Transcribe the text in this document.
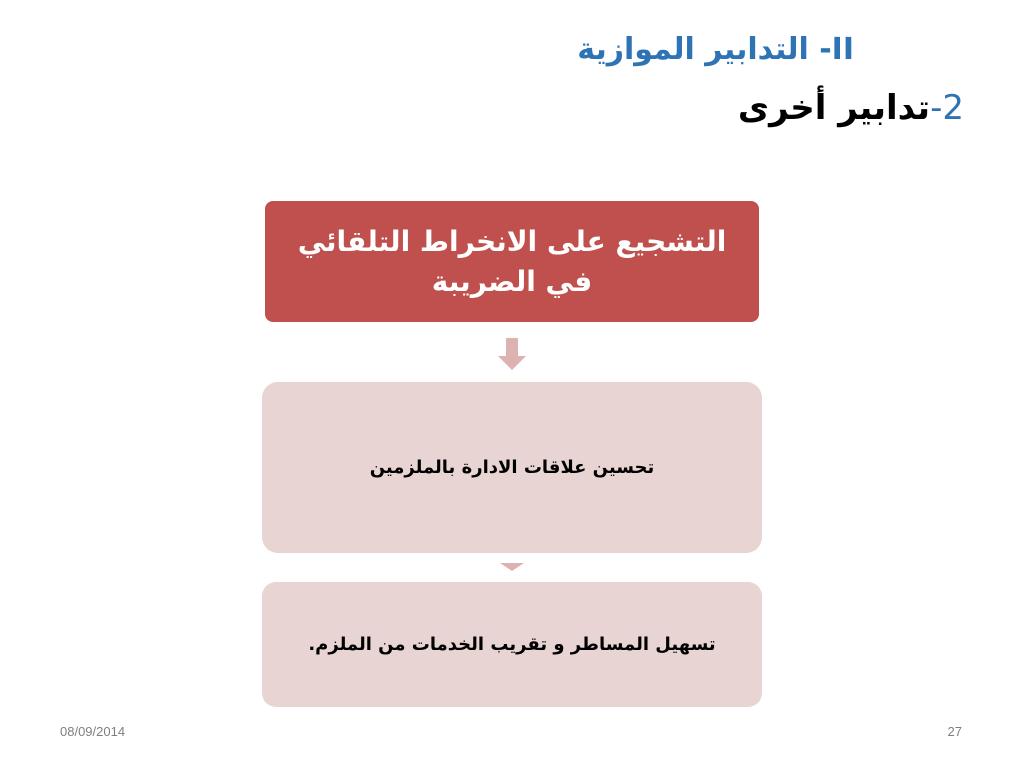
II- التدابير الموازية
2-تدابير أخرى
التشجيع على الانخراط التلقائي في الضريبة
تحسين علاقات الادارة بالملزمين
تسهيل المساطر و تقريب الخدمات من الملزم.
08/09/2014	27
